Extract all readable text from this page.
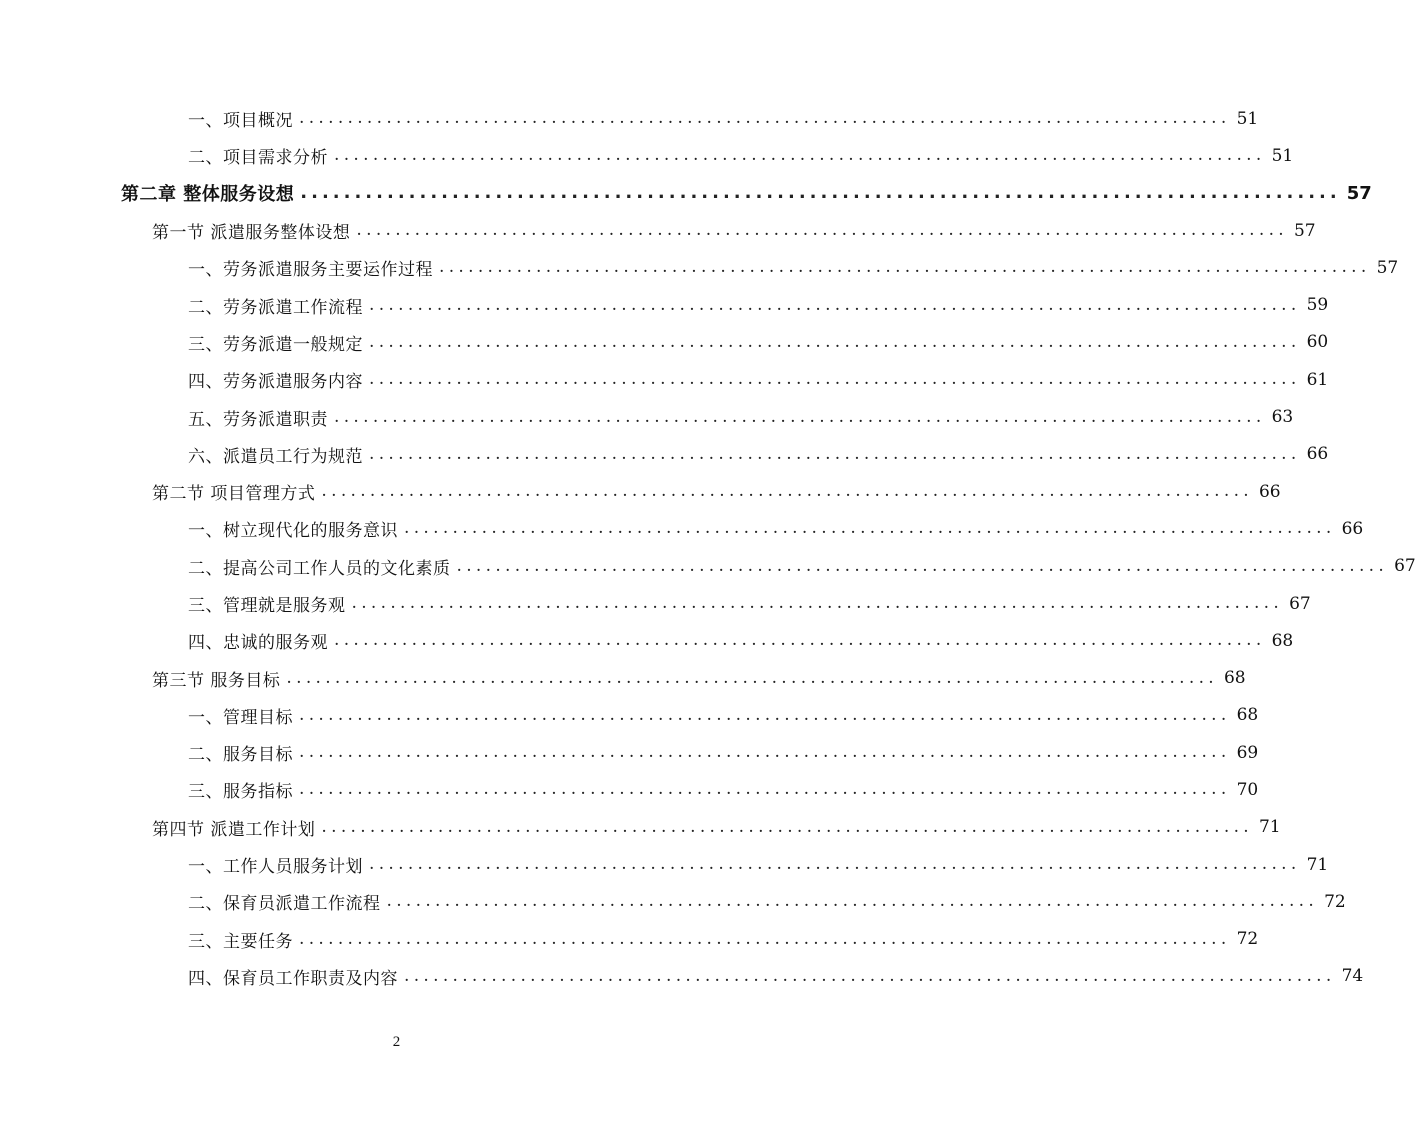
一、项目概况 ................................................................................................ 51
二、项目需求分析 ................................................................................................ 51
第二章 整体服务设想 ................................................................................................ 57
第一节 派遣服务整体设想 ................................................................................................ 57
一、劳务派遣服务主要运作过程 ................................................................................................ 57
二、劳务派遣工作流程 ................................................................................................ 59
三、劳务派遣一般规定 ................................................................................................ 60
四、劳务派遣服务内容 ................................................................................................ 61
五、劳务派遣职责 ................................................................................................ 63
六、派遣员工行为规范 ................................................................................................ 66
第二节 项目管理方式 ................................................................................................ 66
一、树立现代化的服务意识 ................................................................................................ 66
二、提高公司工作人员的文化素质 ................................................................................................ 67
三、管理就是服务观 ................................................................................................ 67
四、忠诚的服务观 ................................................................................................ 68
第三节 服务目标 ................................................................................................ 68
一、管理目标 ................................................................................................ 68
二、服务目标 ................................................................................................ 69
三、服务指标 ................................................................................................ 70
第四节 派遣工作计划 ................................................................................................ 71
一、工作人员服务计划 ................................................................................................ 71
二、保育员派遣工作流程 ................................................................................................ 72
三、主要任务 ................................................................................................ 72
四、保育员工作职责及内容 ................................................................................................ 74
2
